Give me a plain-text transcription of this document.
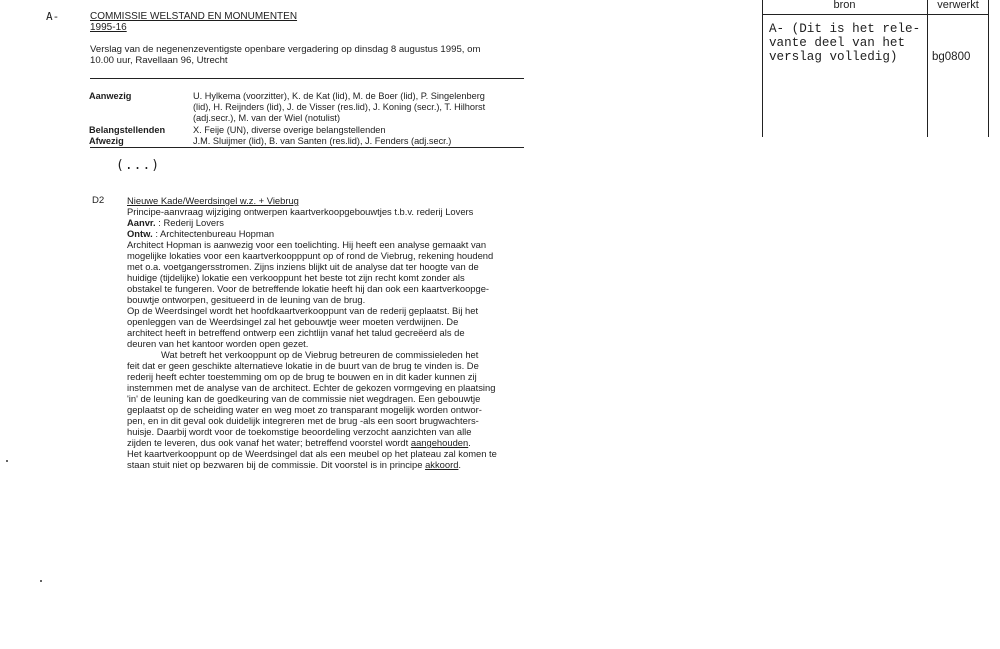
A-	COMMISSIE WELSTAND EN MONUMENTEN
1995-16
Verslag van de negenenzeventigste openbare vergadering op dinsdag 8 augustus 1995, om
10.00 uur, Ravellaan 96, Utrecht
Aanwezig	U. Hylkema (voorzitter), K. de Kat (lid), M. de Boer (lid), P. Singelenberg
(lid), H. Reijnders (lid), J. de Visser (res.lid), J. Koning (secr.), T. Hilhorst
(adj.secr.), M. van der Wiel (notulist)
Belangstellenden	X. Feije (UN), diverse overige belangstellenden
Afwezig	J.M. Sluijmer (lid), B. van Santen (res.lid), J. Fenders (adj.secr.)
(...)
D2 Nieuwe Kade/Weerdsingel w.z. + Viebrug

Principe-aanvraag wijziging ontwerpen kaartverkoopgebouwtjes t.b.v. rederij Lovers

Aanvr. : Rederij Lovers

Ontw. : Architectenbureau Hopman

Architect Hopman is aanwezig voor een toelichting. Hij heeft een analyse gemaakt van
mogelijke lokaties voor een kaartverkoopppunt op of rond de Viebrug, rekening houdend
met o.a. voetgangersstromen. Zijns inziens blijkt uit de analyse dat ter hoogte van de
huidige (tijdelijke) lokatie een verkooppunt het beste tot zijn recht komt zonder als
obstakel te fungeren. Voor de betreffende lokatie heeft hij dan ook een kaartverkoopge-
bouwtje ontworpen, gesitueerd in de leuning van de brug.
Op de Weerdsingel wordt het hoofdkaartverkooppunt van de rederij geplaatst. Bij het
openleggen van de Weerdsingel zal het gebouwtje weer moeten verdwijnen. De
architect heeft in betreffend ontwerp een zichtlijn vanaf het talud gecreëerd als de
deuren van het kantoor worden open gezet.
Wat betreft het verkooppunt op de Viebrug betreuren de commissieleden het
feit dat er geen geschikte alternatieve lokatie in de buurt van de brug te vinden is. De
rederij heeft echter toestemming om op de brug te bouwen en in dit kader kunnen zij
instemmen met de analyse van de architect. Echter de gekozen vormgeving en plaatsing
'in' de leuning kan de goedkeuring van de commissie niet wegdragen. Een gebouwtje
geplaatst op de scheiding water en weg moet zo transparant mogelijk worden ontwor-
pen, en in dit geval ook duidelijk integreren met de brug -als een soort brugwachters-
huisje. Daarbij wordt voor de toekomstige beoordeling verzocht aanzichten van alle
zijden te leveren, dus ook vanaf het water; betreffend voorstel wordt aangehouden.
Het kaartverkooppunt op de Weerdsingel dat als een meubel op het plateau zal komen te
staan stuit niet op bezwaren bij de commissie. Dit voorstel is in principe akkoord.
bron	verwerkt
A- (Dit is het rele-
vante deel van het
verslag volledig)	bg0800
